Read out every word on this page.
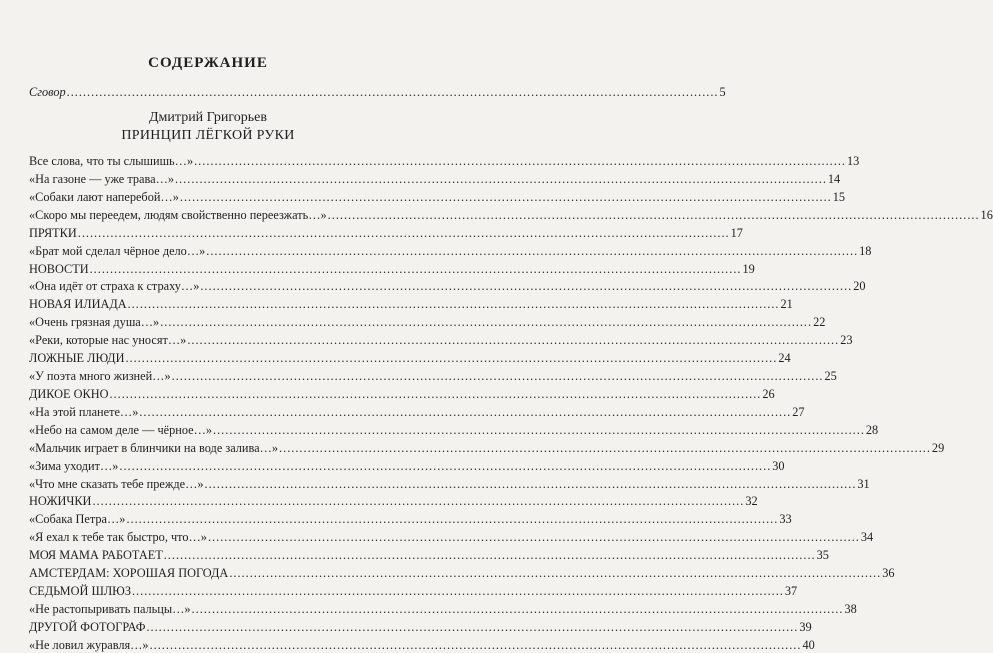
СОДЕРЖАНИЕ
Сговор .....	5
Дмитрий Григорьев
ПРИНЦИП ЛЁГКОЙ РУКИ
Все слова, что ты слышишь…» .....	13
«На газоне — уже трава…» .....	14
«Собаки лают наперебой…» .....	15
«Скоро мы переедем, людям свойственно переезжать…» .....	16
ПРЯТКИ .....	17
«Брат мой сделал чёрное дело…» .....	18
НОВОСТИ .....	19
«Она идёт от страха к страху…» .....	20
НОВАЯ ИЛИАДА .....	21
«Очень грязная душа…» .....	22
«Реки, которые нас уносят…» .....	23
ЛОЖНЫЕ ЛЮДИ .....	24
«У поэта много жизней…» .....	25
ДИКОЕ ОКНО .....	26
«На этой планете…» .....	27
«Небо на самом деле — чёрное…» .....	28
«Мальчик играет в блинчики на воде залива…» .....	29
«Зима уходит…» .....	30
«Что мне сказать тебе прежде…» .....	31
НОЖИЧКИ .....	32
«Собака Петра…» .....	33
«Я ехал к тебе так быстро, что…» .....	34
МОЯ МАМА РАБОТАЕТ .....	35
АМСТЕРДАМ: ХОРОШАЯ ПОГОДА .....	36
СЕДЬМОЙ ШЛЮЗ .....	37
«Не растопыривать пальцы…» .....	38
ДРУГОЙ ФОТОГРАФ .....	39
«Не ловил журавля…» .....	40
